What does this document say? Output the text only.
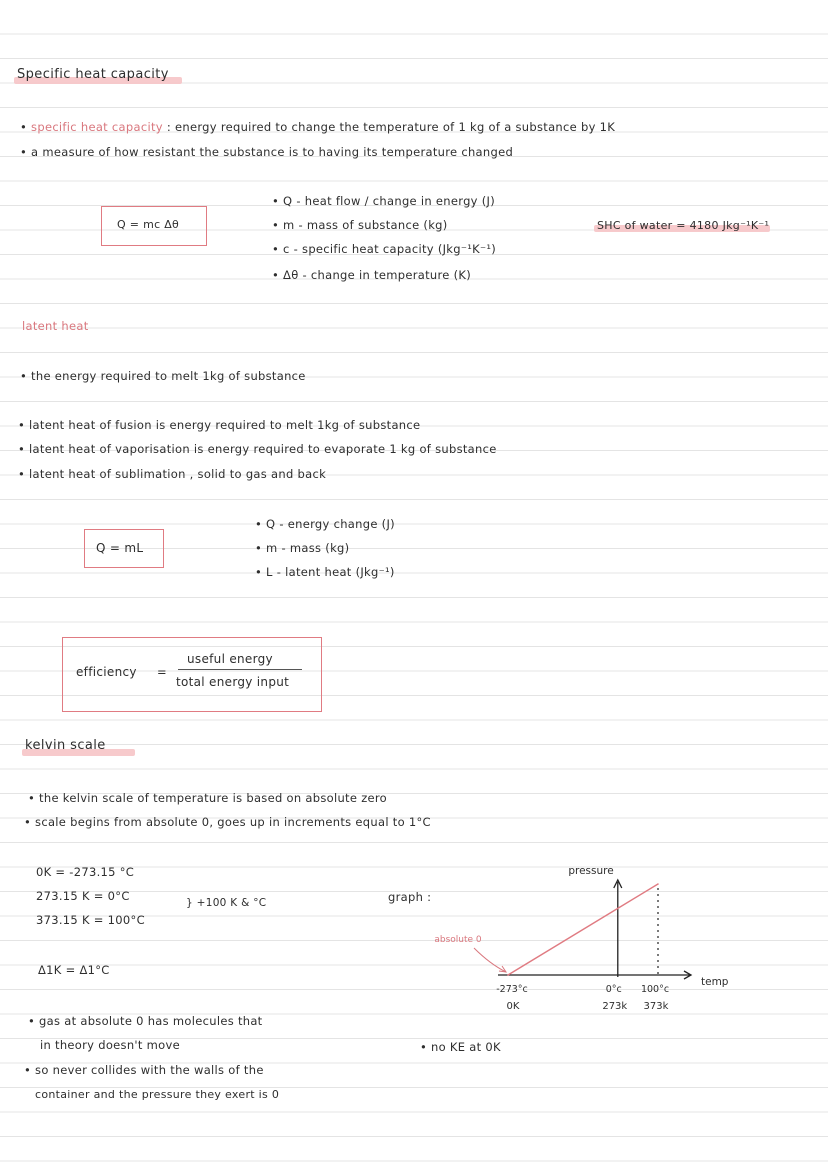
Specific heat capacity
• specific heat capacity : energy required to change the temperature of 1 kg of a substance by 1K
• a measure of how resistant the substance is to having its temperature changed
Q = mc Δθ
• Q - heat flow / change in energy (J)
• m - mass of substance (kg)
• c - specific heat capacity (Jkg⁻¹K⁻¹)
• Δθ - change in temperature (K)
SHC of water = 4180 Jkg⁻¹K⁻¹
latent heat
• the energy required to melt 1kg of substance
• latent heat of fusion is energy required to melt 1kg of substance
• latent heat of vaporisation is energy required to evaporate 1 kg of substance
• latent heat of sublimation , solid to gas and back
Q = mL
• Q - energy change (J)
• m - mass (kg)
• L - latent heat (Jkg⁻¹)
efficiency =
useful energy
total energy input
kelvin scale
• the kelvin scale of temperature is based on absolute zero
• scale begins from absolute 0, goes up in increments equal to 1°C
0K = -273.15 °C
273.15 K = 0°C
373.15 K = 100°C
} +100 K & °C
Δ1K = Δ1°C
• gas at absolute 0 has molecules that
in theory doesn't move
• so never collides with the walls of the
container and the pressure they exert is 0
graph :
• no KE at 0K
pressure
temp
absolute 0
-273°c	0°c 100°c
0K	273k 373k
